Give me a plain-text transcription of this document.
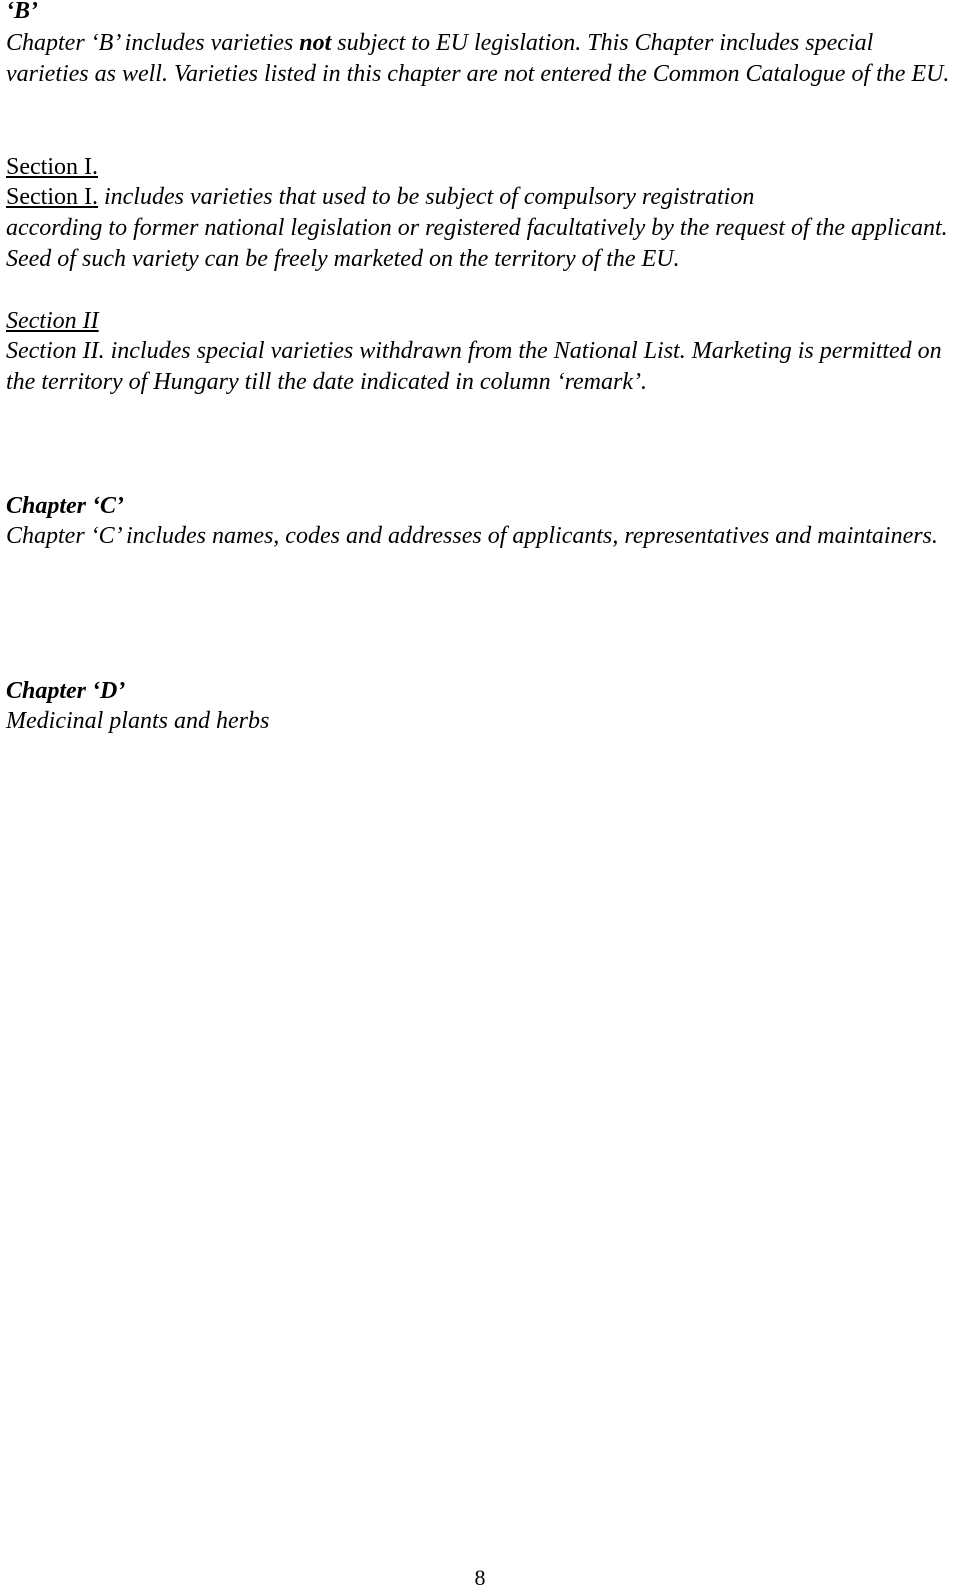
‘B’
Chapter ‘B’ includes varieties not subject to EU legislation. This Chapter includes special varieties as well. Varieties listed in this chapter are not entered the Common Catalogue of the EU.
Section I.
Section I. includes varieties that used to be subject of compulsory registration
according to former national legislation or registered facultatively by the request of the applicant. Seed of such variety can be freely marketed on the territory of the EU.
Section II
Section II. includes special varieties withdrawn from the National List. Marketing is permitted on the territory of Hungary till the date indicated in column ‘remark’.
Chapter ‘C’
Chapter ‘C’ includes names, codes and addresses of applicants, representatives and maintainers.
Chapter ‘D’
Medicinal plants and herbs
8
